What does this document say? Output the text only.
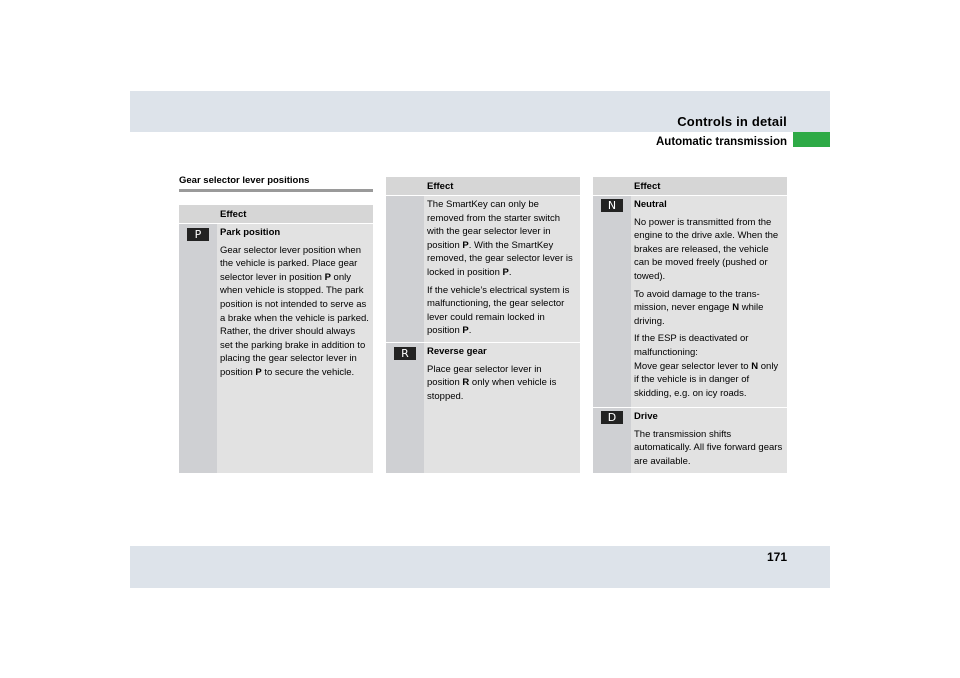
Controls in detail
Automatic transmission
Gear selector lever positions
Effect
P	Park position

Gear selector lever position when the vehicle is parked. Place gear selector lever in position P only when vehicle is stopped. The park position is not intended to serve as a brake when the vehicle is parked. Rather, the driver should always set the parking brake in addition to placing the gear selector lever in position P to secure the vehicle.

Effect

The SmartKey can only be removed from the starter switch with the gear selector lever in position P. With the SmartKey removed, the gear selector lever is locked in position P.

If the vehicle’s electrical system is malfunctioning, the gear selector lever could remain locked in position P.

R	Reverse gear

Place gear selector lever in position R only when vehicle is stopped.

Effect
N	Neutral

No power is transmitted from the engine to the drive axle. When the brakes are released, the vehicle can be moved freely (pushed or towed).

To avoid damage to the trans-mission, never engage N while driving.

If the ESP is deactivated or malfunctioning:
Move gear selector lever to N only if the vehicle is in danger of skidding, e.g. on icy roads.

D	Drive

The transmission shifts automatically. All five forward gears are available.

171
